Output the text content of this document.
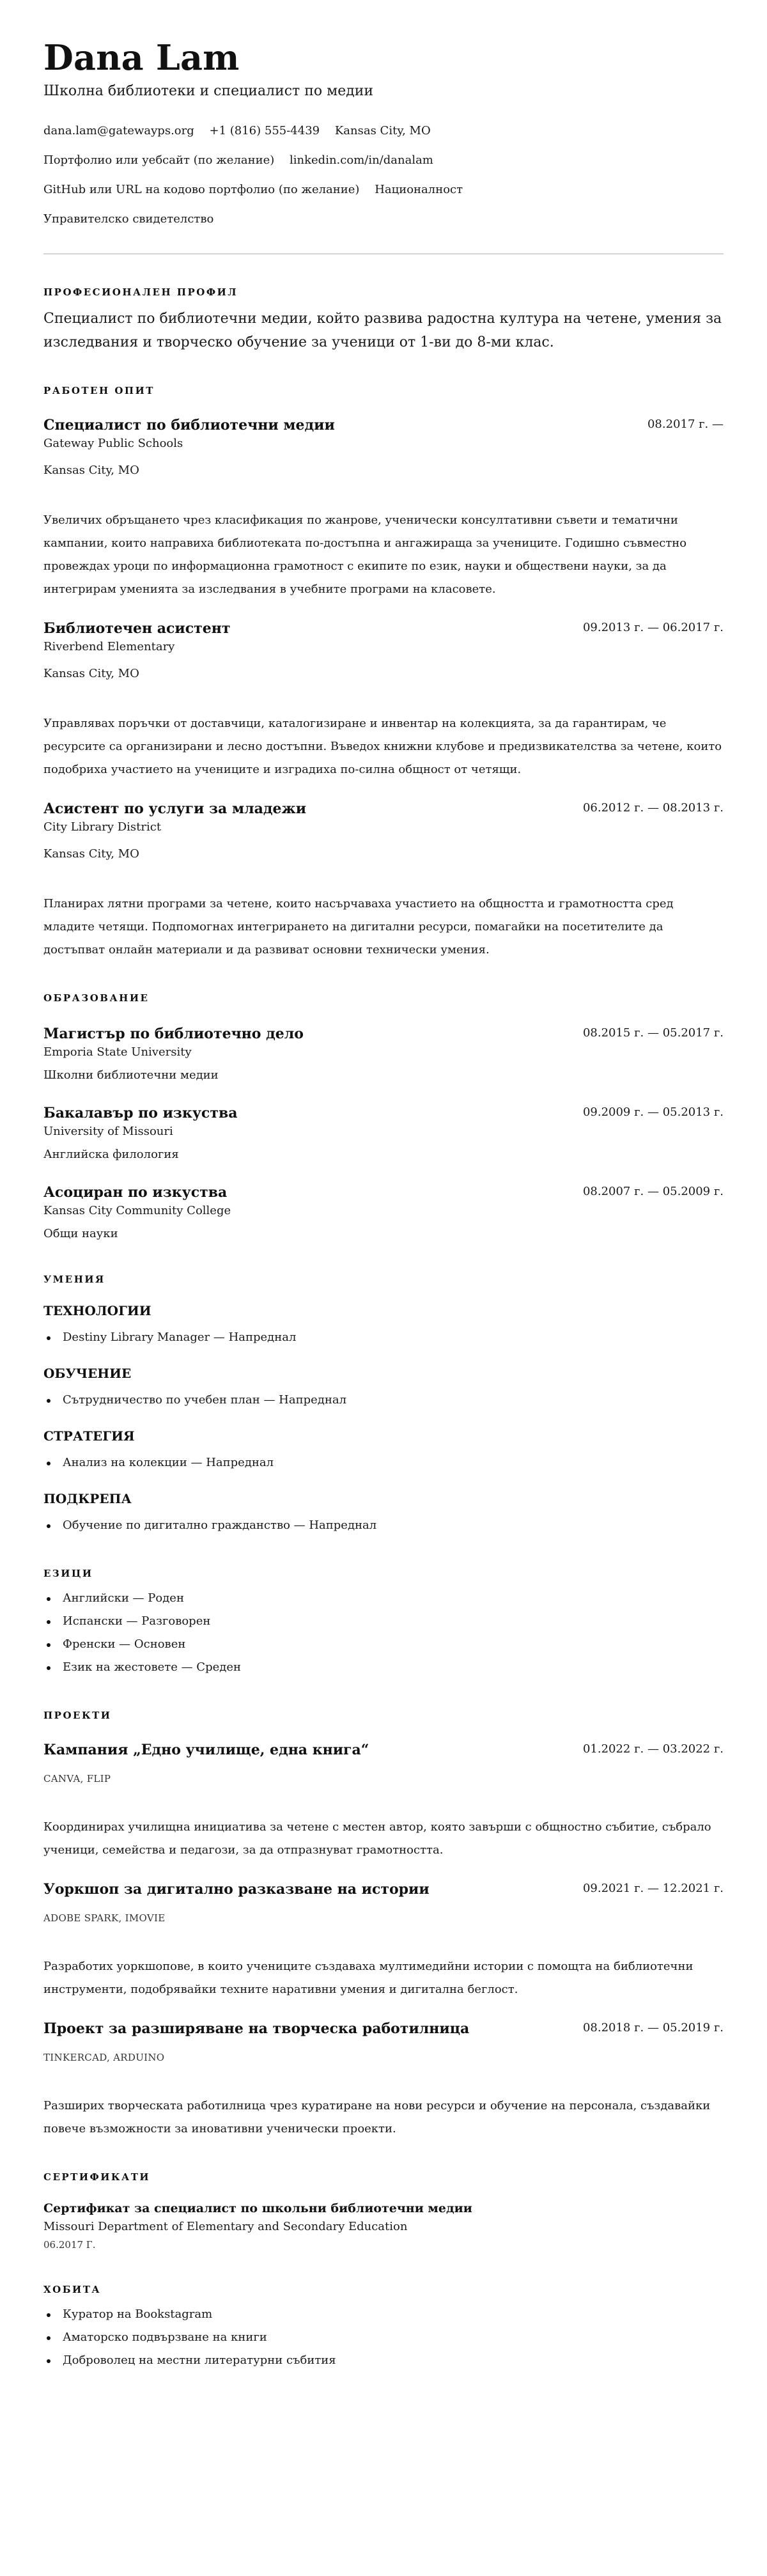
Dana Lam
Школна библиотеки и специалист по медии
dana.lam@gatewayps.org +1 (816) 555-4439 Kansas City, MO
Портфолио или уебсайт (по желание) linkedin.com/in/danalam
GitHub или URL на кодово портфолио (по желание) Националност
Управителско свидетелство
ПРОФЕСИОНАЛЕН ПРОФИЛ

Специалист по библиотечни медии, който развива радостна култура на четене, умения за изследвания и творческо обучение за ученици от 1-ви до 8-ми клас.

РАБОТЕН ОПИТ
Специалист по библиотечни медии	08.2017 г. —
Gateway Public Schools
Kansas City, MO

Увеличих обръщането чрез класификация по жанрове, ученически консултативни съвети и тематични кампании, които направиха библиотеката по-достъпна и ангажираща за учениците. Годишно съвместно провеждах уроци по информационна грамотност с екипите по език, науки и обществени науки, за да интегрирам уменията за изследвания в учебните програми на класовете.

Библиотечен асистент	09.2013 г. — 06.2017 г.
Riverbend Elementary
Kansas City, MO

Управлявах поръчки от доставчици, каталогизиране и инвентар на колекцията, за да гарантирам, че ресурсите са организирани и лесно достъпни. Въведох книжни клубове и предизвикателства за четене, които подобриха участието на учениците и изградиха по-силна общност от четящи.

Асистент по услуги за младежи	06.2012 г. — 08.2013 г.
City Library District
Kansas City, MO

Планирах лятни програми за четене, които насърчаваха участието на общността и грамотността сред младите четящи. Подпомогнах интегрирането на дигитални ресурси, помагайки на посетителите да достъпват онлайн материали и да развиват основни технически умения.

ОБРАЗОВАНИЕ
Магистър по библиотечно дело	08.2015 г. — 05.2017 г.
Emporia State University
Школни библиотечни медии
Бакалавър по изкуства	09.2009 г. — 05.2013 г.
University of Missouri
Английска филология
Асоциран по изкуства	08.2007 г. — 05.2009 г.
Kansas City Community College
Общи науки
УМЕНИЯ
ТЕХНОЛОГИИ
Destiny Library Manager — Напреднал
ОБУЧЕНИЕ
Сътрудничество по учебен план — Напреднал
СТРАТЕГИЯ
Анализ на колекции — Напреднал
ПОДКРЕПА
Обучение по дигитално гражданство — Напреднал
ЕЗИЦИ
Английски — Роден
Испански — Разговорен
Френски — Основен
Език на жестовете — Среден
ПРОЕКТИ
Кампания „Едно училище, една книга“	01.2022 г. — 03.2022 г.
CANVA, FLIP

Координирах училищна инициатива за четене с местен автор, която завърши с общностно събитие, събрало ученици, семейства и педагози, за да отпразнуват грамотността.

Уоркшоп за дигитално разказване на истории	09.2021 г. — 12.2021 г.
ADOBE SPARK, IMOVIE

Разработих уоркшопове, в които учениците създаваха мултимедийни истории с помощта на библиотечни инструменти, подобрявайки техните наративни умения и дигитална беглост.

Проект за разширяване на творческа работилница	08.2018 г. — 05.2019 г.
TINKERCAD, ARDUINO

Разширих творческата работилница чрез куратиране на нови ресурси и обучение на персонала, създавайки повече възможности за иновативни ученически проекти.

СЕРТИФИКАТИ
Сертификат за специалист по школьни библиотечни медии
Missouri Department of Elementary and Secondary Education
06.2017 Г.
ХОБИТА
Куратор на Bookstagram
Аматорско подвързване на книги
Доброволец на местни литературни събития
